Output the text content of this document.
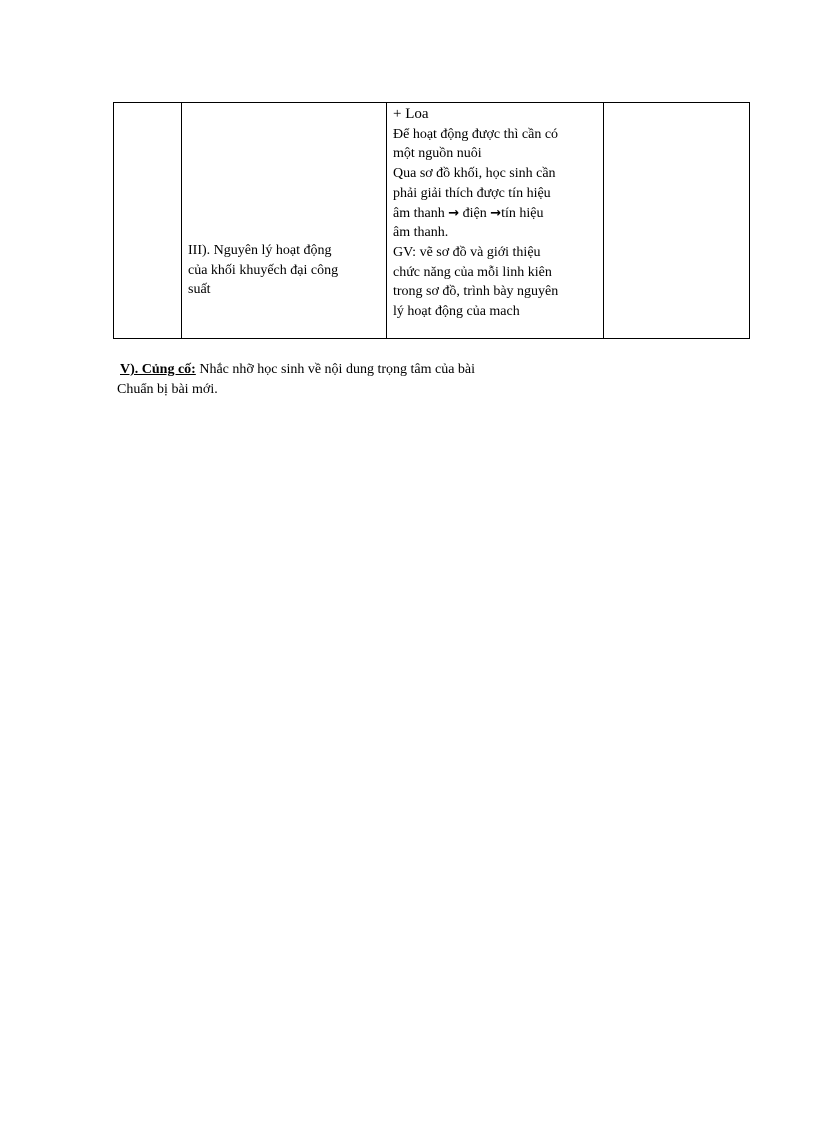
III). Nguyên lý hoạt động
của khối khuyếch đại công
suất

+ Loa
Để hoạt động được thì cần có
một nguồn nuôi
Qua sơ đồ khối, học sinh cần
phải giải thích được tín hiệu
âm thanh → điện →tín hiệu
âm thanh.
GV: vẽ sơ đồ và giới thiệu
chức năng của mỗi linh kiên
trong sơ đồ, trình bày nguyên
lý hoạt động của mach

V). Củng cố: Nhắc nhỡ học sinh về nội dung trọng tâm của bài
Chuẩn bị bài mới.
